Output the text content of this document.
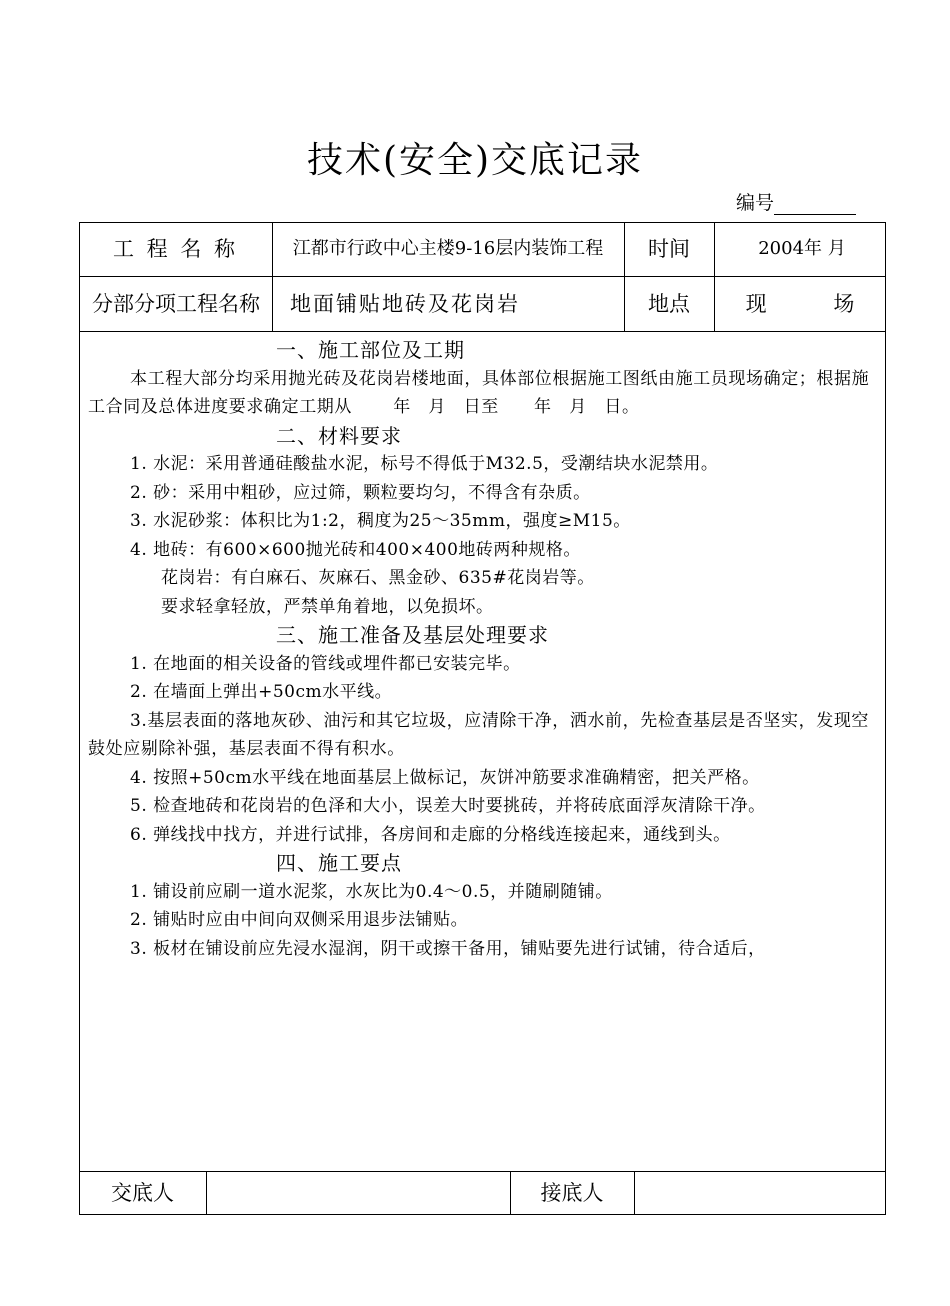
技术(安全)交底记录
编号
工 程 名 称	江都市行政中心主楼9-16层内装饰工程	时间	2004年 月
分部分项工程名称	地面铺贴地砖及花岗岩	地点	现 场
交底人	接底人
一、施工部位及工期
本工程大部分均采用抛光砖及花岗岩楼地面，具体部位根据施工图纸由施工员现场确定；根据施工合同及总体进度要求确定工期从　　 年　月　日至　　年　月　日。
二、材料要求
1. 水泥：采用普通硅酸盐水泥，标号不得低于M32.5，受潮结块水泥禁用。
2. 砂：采用中粗砂，应过筛，颗粒要均匀，不得含有杂质。
3. 水泥砂浆：体积比为1:2，稠度为25～35mm，强度≥M15。
4. 地砖：有600×600抛光砖和400×400地砖两种规格。
花岗岩：有白麻石、灰麻石、黑金砂、635#花岗岩等。
要求轻拿轻放，严禁单角着地，以免损坏。
三、施工准备及基层处理要求
1. 在地面的相关设备的管线或埋件都已安装完毕。
2. 在墙面上弹出+50cm水平线。
3.基层表面的落地灰砂、油污和其它垃圾，应清除干净，洒水前，先检查基层是否坚实，发现空鼓处应剔除补强，基层表面不得有积水。
4. 按照+50cm水平线在地面基层上做标记，灰饼冲筋要求准确精密，把关严格。
5. 检查地砖和花岗岩的色泽和大小，误差大时要挑砖，并将砖底面浮灰清除干净。
6. 弹线找中找方，并进行试排，各房间和走廊的分格线连接起来，通线到头。
四、施工要点
1. 铺设前应刷一道水泥浆，水灰比为0.4～0.5，并随刷随铺。
2. 铺贴时应由中间向双侧采用退步法铺贴。
3. 板材在铺设前应先浸水湿润，阴干或擦干备用，铺贴要先进行试铺，待合适后，
